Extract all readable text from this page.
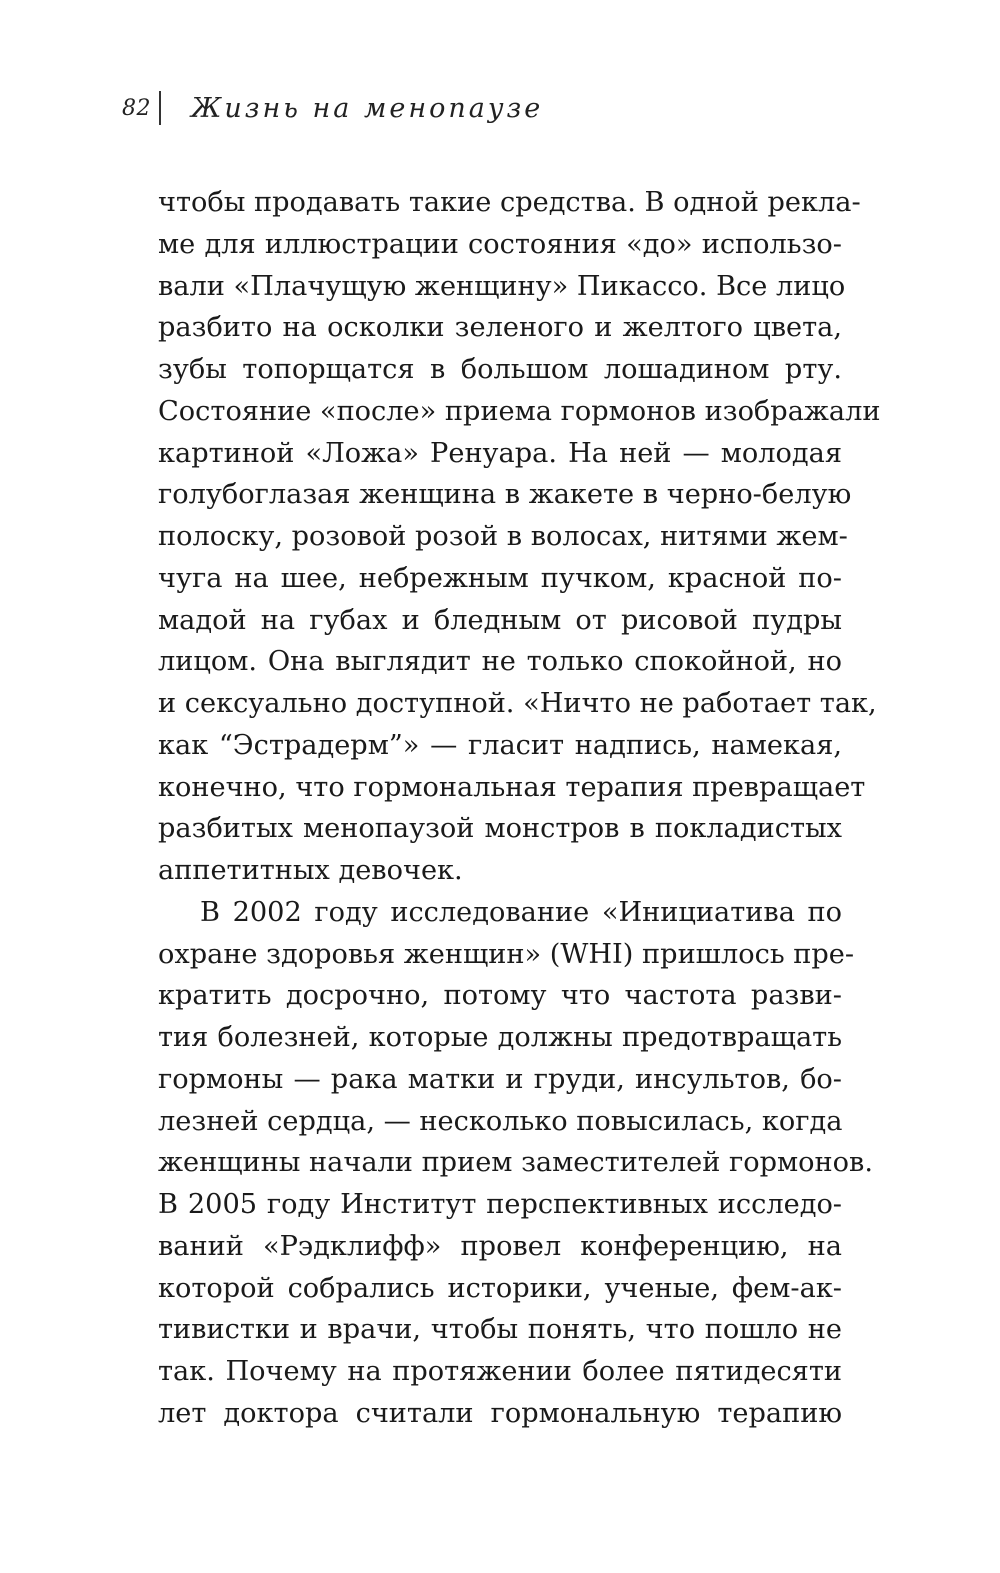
82 Жизнь на менопаузе
чтобы продавать такие средства. В одной рекла-
ме для иллюстрации состояния «до» использо-
вали «Плачущую женщину» Пикассо. Все лицо
разбито на осколки зеленого и желтого цвета,
зубы топорщатся в большом лошадином рту.
Состояние «после» приема гормонов изображали
картиной «Ложа» Ренуара. На ней — молодая
голубоглазая женщина в жакете в черно-белую
полоску, розовой розой в волосах, нитями жем-
чуга на шее, небрежным пучком, красной по-
мадой на губах и бледным от рисовой пудры
лицом. Она выглядит не только спокойной, но
и сексуально доступной. «Ничто не работает так,
как “Эстрадерм”» — гласит надпись, намекая,
конечно, что гормональная терапия превращает
разбитых менопаузой монстров в покладистых
аппетитных девочек.
В 2002 году исследование «Инициатива по
охране здоровья женщин» (WHI) пришлось пре-
кратить досрочно, потому что частота разви-
тия болезней, которые должны предотвращать
гормоны — рака матки и груди, инсультов, бо-
лезней сердца, — несколько повысилась, когда
женщины начали прием заместителей гормонов.
В 2005 году Институт перспективных исследо-
ваний «Рэдклифф» провел конференцию, на
которой собрались историки, ученые, фем-ак-
тивистки и врачи, чтобы понять, что пошло не
так. Почему на протяжении более пятидесяти
лет доктора считали гормональную терапию
